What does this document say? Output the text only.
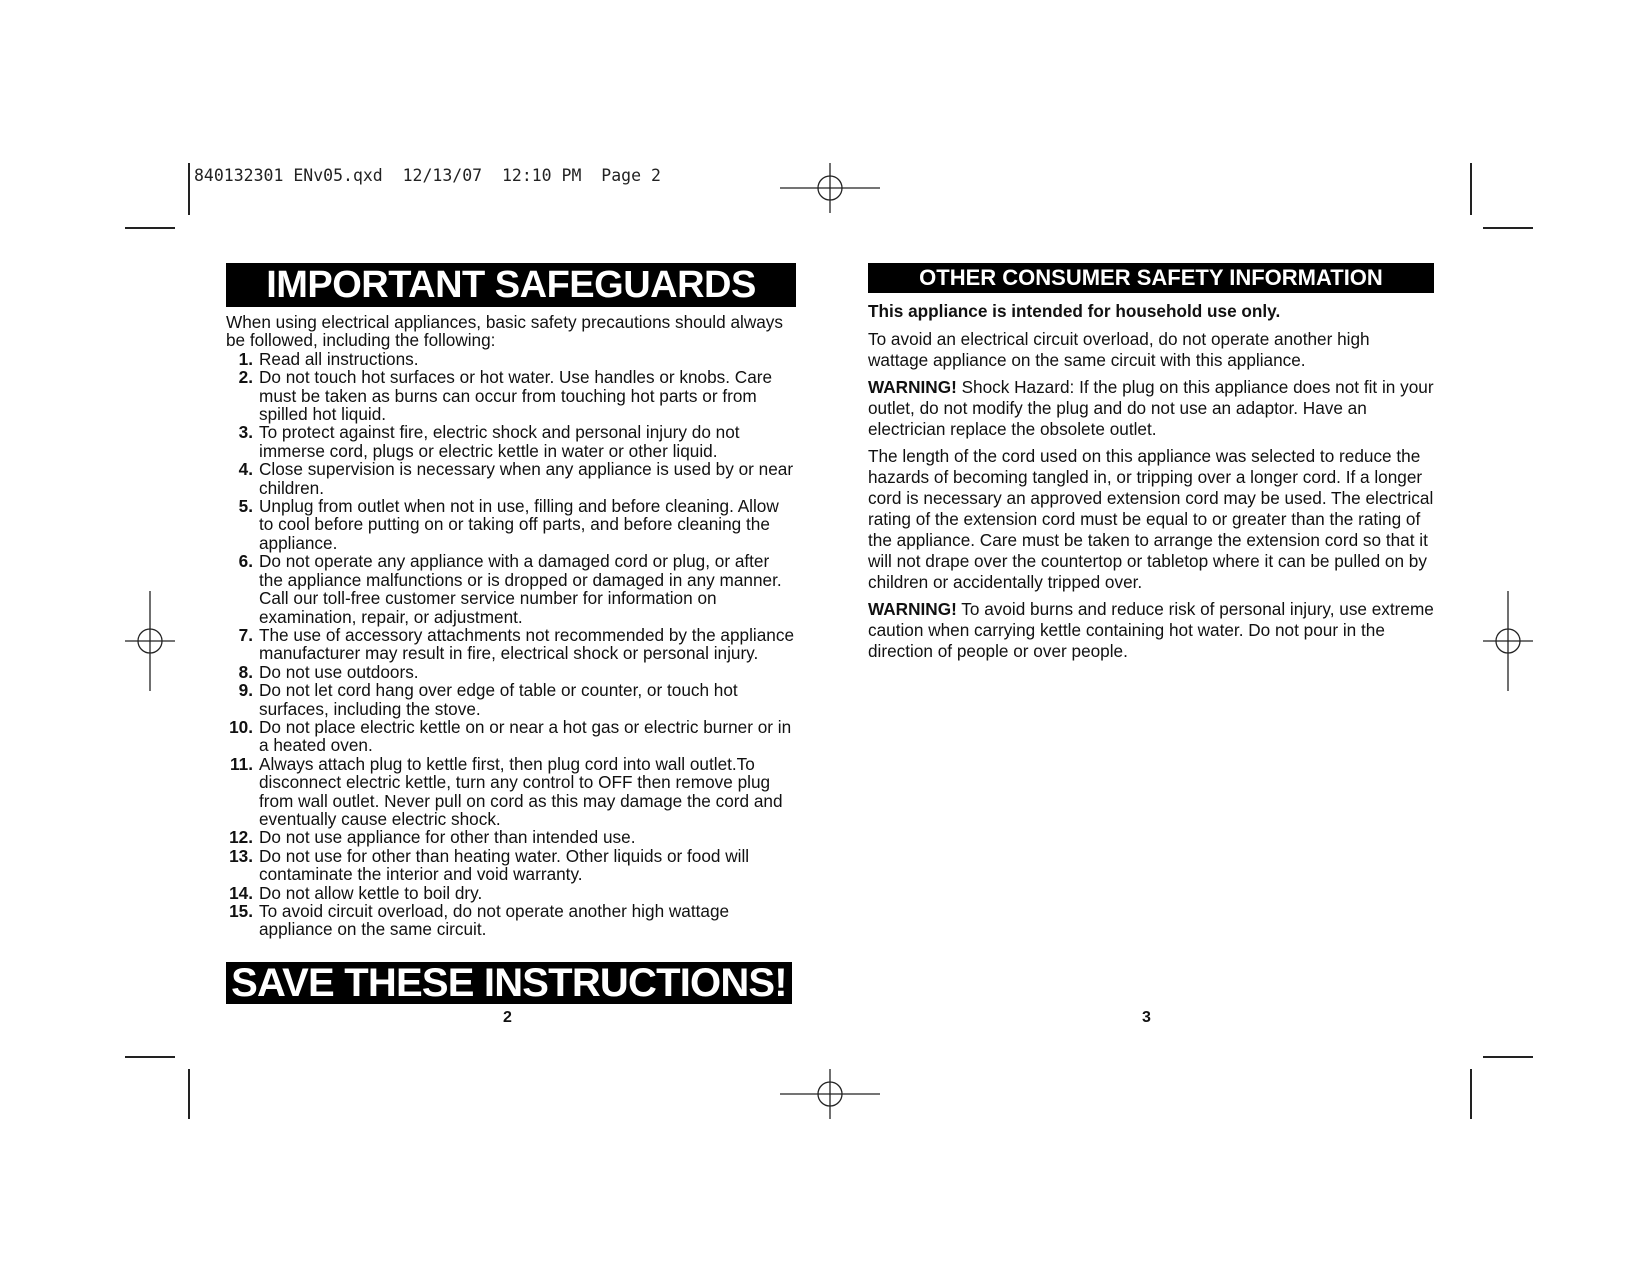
840132301 ENv05.qxd  12/13/07  12:10 PM  Page 2
IMPORTANT SAFEGUARDS
When using electrical appliances, basic safety precautions should always be followed, including the following:
1. Read all instructions.
2. Do not touch hot surfaces or hot water. Use handles or knobs. Care must be taken as burns can occur from touching hot parts or from spilled hot liquid.
3. To protect against fire, electric shock and personal injury do not immerse cord, plugs or electric kettle in water or other liquid.
4. Close supervision is necessary when any appliance is used by or near children.
5. Unplug from outlet when not in use, filling and before cleaning. Allow to cool before putting on or taking off parts, and before cleaning the appliance.
6. Do not operate any appliance with a damaged cord or plug, or after the appliance malfunctions or is dropped or damaged in any manner. Call our toll-free customer service number for information on examination, repair, or adjustment.
7. The use of accessory attachments not recommended by the appliance manufacturer may result in fire, electrical shock or personal injury.
8. Do not use outdoors.
9. Do not let cord hang over edge of table or counter, or touch hot surfaces, including the stove.
10. Do not place electric kettle on or near a hot gas or electric burner or in a heated oven.
11. Always attach plug to kettle first, then plug cord into wall outlet.To disconnect electric kettle, turn any control to OFF then remove plug from wall outlet. Never pull on cord as this may damage the cord and eventually cause electric shock.
12. Do not use appliance for other than intended use.
13. Do not use for other than heating water. Other liquids or food will contaminate the interior and void warranty.
14. Do not allow kettle to boil dry.
15. To avoid circuit overload, do not operate another high wattage appliance on the same circuit.
SAVE THESE INSTRUCTIONS!
2
OTHER CONSUMER SAFETY INFORMATION

This appliance is intended for household use only.

To avoid an electrical circuit overload, do not operate another high wattage appliance on the same circuit with this appliance.

WARNING! Shock Hazard: If the plug on this appliance does not fit in your outlet, do not modify the plug and do not use an adaptor. Have an electrician replace the obsolete outlet.

The length of the cord used on this appliance was selected to reduce the hazards of becoming tangled in, or tripping over a longer cord. If a longer cord is necessary an approved extension cord may be used. The electrical rating of the extension cord must be equal to or greater than the rating of the appliance. Care must be taken to arrange the extension cord so that it will not drape over the countertop or tabletop where it can be pulled on by children or accidentally tripped over.

WARNING! To avoid burns and reduce risk of personal injury, use extreme caution when carrying kettle containing hot water. Do not pour in the direction of people or over people.

3
